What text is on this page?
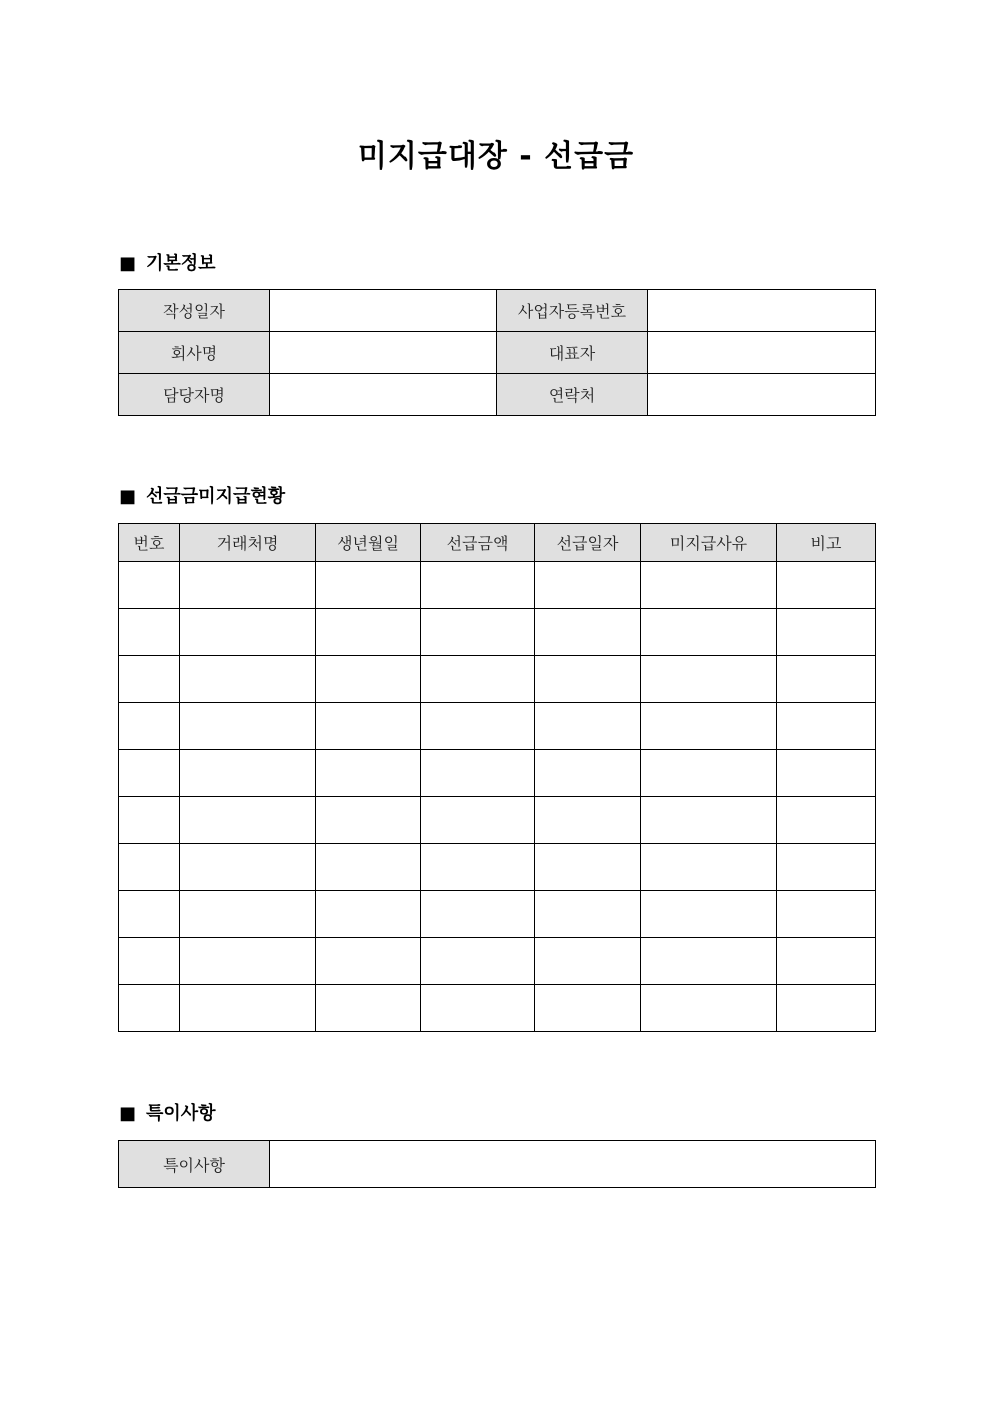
미지급대장 - 선급금
■ 기본정보
작성일자		사업자등록번호	
회사명		대표자	
담당자명		연락처	
■ 선급금미지급현황
번호	거래처명	생년월일	선급금액	선급일자	미지급사유	비고

■ 특이사항
특이사항	
